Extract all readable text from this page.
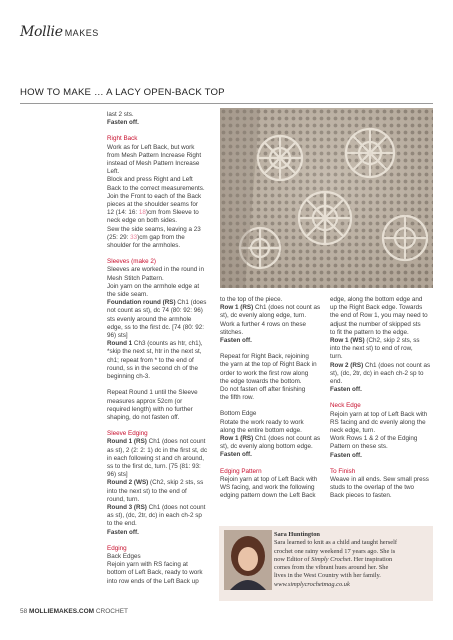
Mollie MAKES
HOW TO MAKE … A LACY OPEN-BACK TOP

last 2 sts.

Fasten off.

Right Back

Work as for Left Back, but work

from Mesh Pattern Increase Right

instead of Mesh Pattern Increase

Left.

Block and press Right and Left

Back to the correct measurements.

Join the Front to each of the Back

pieces at the shoulder seams for

12 (14: 16: 18)cm from Sleeve to

neck edge on both sides.

Sew the side seams, leaving a 23

(25: 29: 33)cm gap from the

shoulder for the armholes.

Sleeves (make 2)

Sleeves are worked in the round in

Mesh Stitch Pattern.

Join yarn on the armhole edge at

the side seam.

Foundation round (RS) Ch1 (does

not count as st), dc 74 (80: 92: 96)

sts evenly around the armhole

edge, ss to the first dc. [74 (80: 92:

96) sts]

Round 1 Ch3 (counts as htr, ch1),

*skip the next st, htr in the next st,

ch1; repeat from * to the end of

round, ss in the second ch of the

beginning ch-3.

Repeat Round 1 until the Sleeve

measures approx 52cm (or

required length) with no further

shaping, do not fasten off.

Sleeve Edging

Round 1 (RS) Ch1 (does not count

as st), 2 (2: 2: 1) dc in the first st, dc

in each following st and ch around,

ss to the first dc, turn. [75 (81: 93:

96) sts]

Round 2 (WS) (Ch2, skip 2 sts, ss

into the next st) to the end of

round, turn.

Round 3 (RS) Ch1 (does not count

as st), (dc, 2tr, dc) in each ch-2 sp

to the end.

Fasten off.

Edging

Back Edges

Rejoin yarn with RS facing at

bottom of Left Back, ready to work

into row ends of the Left Back up

to the top of the piece.

Row 1 (RS) Ch1 (does not count as

st), dc evenly along edge, turn.

Work a further 4 rows on these

stitches.

Fasten off.

Repeat for Right Back, rejoining

the yarn at the top of Right Back in

order to work the first row along

the edge towards the bottom.

Do not fasten off after finishing

the fifth row.

Bottom Edge

Rotate the work ready to work

along the entire bottom edge.

Row 1 (RS) Ch1 (does not count as

st), dc evenly along bottom edge.

Fasten off.

Edging Pattern

Rejoin yarn at top of Left Back with

WS facing, and work the following

edging pattern down the Left Back

edge, along the bottom edge and

up the Right Back edge. Towards

the end of Row 1, you may need to

adjust the number of skipped sts

to fit the pattern to the edge.

Row 1 (WS) (Ch2, skip 2 sts, ss

into the next st) to end of row,

turn.

Row 2 (RS) Ch1 (does not count as

st), (dc, 2tr, dc) in each ch-2 sp to

end.

Fasten off.

Neck Edge

Rejoin yarn at top of Left Back with

RS facing and dc evenly along the

neck edge, turn.

Work Rows 1 & 2 of the Edging

Pattern on these sts.

Fasten off.

To Finish

Weave in all ends. Sew small press

studs to the overlap of the two

Back pieces to fasten.

Sara Huntington

Sara learned to knit as a child and taught herself

crochet one rainy weekend 17 years ago. She is

now Editor of Simply Crochet. Her inspiration

comes from the vibrant hues around her. She

lives in the West Country with her family.

www.simplycrochetmag.co.uk

58 MOLLIEMAKES.COM CROCHET
